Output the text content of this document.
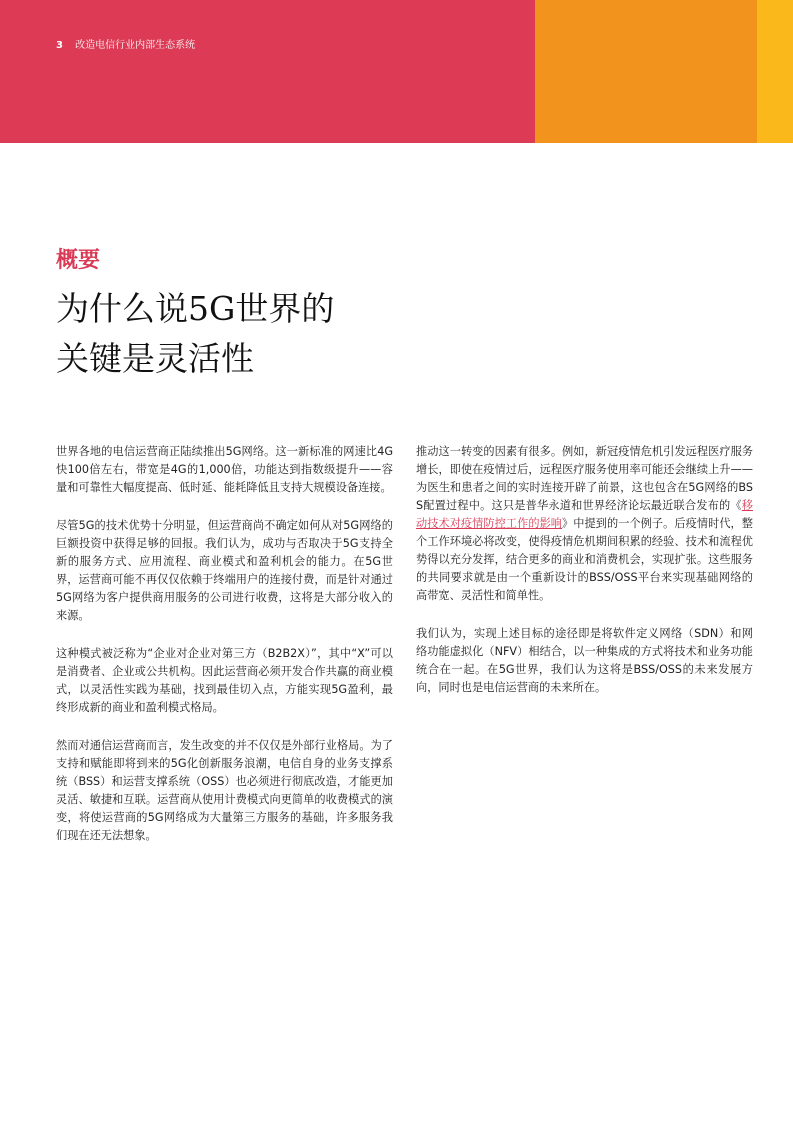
3 改造电信行业内部生态系统
概要
为什么说5G世界的
关键是灵活性

世界各地的电信运营商正陆续推出5G网络。这一新标准的网速比4G快100倍左右，带宽是4G的1,000倍，功能达到指数级提升——容量和可靠性大幅度提高、低时延、能耗降低且支持大规模设备连接。

尽管5G的技术优势十分明显，但运营商尚不确定如何从对5G网络的巨额投资中获得足够的回报。我们认为，成功与否取决于5G支持全新的服务方式、应用流程、商业模式和盈利机会的能力。在5G世界，运营商可能不再仅仅依赖于终端用户的连接付费，而是针对通过5G网络为客户提供商用服务的公司进行收费，这将是大部分收入的来源。

这种模式被泛称为“企业对企业对第三方（B2B2X）”，其中“X”可以是消费者、企业或公共机构。因此运营商必须开发合作共赢的商业模式，以灵活性实践为基础，找到最佳切入点，方能实现5G盈利，最终形成新的商业和盈利模式格局。

然而对通信运营商而言，发生改变的并不仅仅是外部行业格局。为了支持和赋能即将到来的5G化创新服务浪潮，电信自身的业务支撑系统（BSS）和运营支撑系统（OSS）也必须进行彻底改造，才能更加灵活、敏捷和互联。运营商从使用计费模式向更简单的收费模式的演变，将使运营商的5G网络成为大量第三方服务的基础，许多服务我们现在还无法想象。

推动这一转变的因素有很多。例如，新冠疫情危机引发远程医疗服务增长，即使在疫情过后，远程医疗服务使用率可能还会继续上升——为医生和患者之间的实时连接开辟了前景，这也包含在5G网络的BSS配置过程中。这只是普华永道和世界经济论坛最近联合发布的《移动技术对疫情防控工作的影响》中提到的一个例子。后疫情时代，整个工作环境必将改变，使得疫情危机期间积累的经验、技术和流程优势得以充分发挥，结合更多的商业和消费机会，实现扩张。这些服务的共同要求就是由一个重新设计的BSS/OSS平台来实现基础网络的高带宽、灵活性和简单性。

我们认为，实现上述目标的途径即是将软件定义网络（SDN）和网络功能虚拟化（NFV）相结合，以一种集成的方式将技术和业务功能统合在一起。在5G世界，我们认为这将是BSS/OSS的未来发展方向，同时也是电信运营商的未来所在。
